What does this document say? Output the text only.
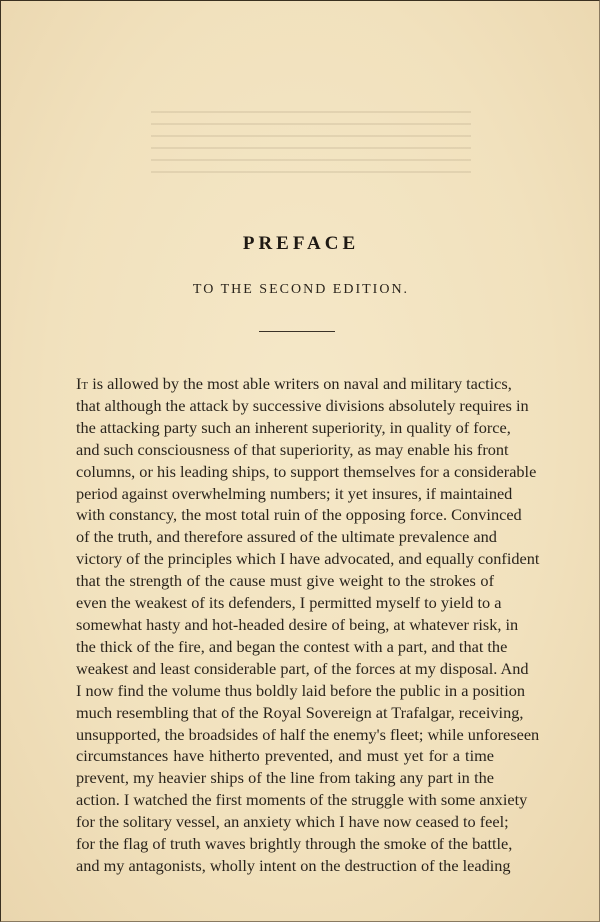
PREFACE
TO THE SECOND EDITION.
It is allowed by the most able writers on naval and military tactics,
that although the attack by successive divisions absolutely requires in
the attacking party such an inherent superiority, in quality of force,
and such consciousness of that superiority, as may enable his front
columns, or his leading ships, to support themselves for a considerable
period against overwhelming numbers; it yet insures, if maintained
with constancy, the most total ruin of the opposing force. Convinced
of the truth, and therefore assured of the ultimate prevalence and
victory of the principles which I have advocated, and equally confident
that the strength of the cause must give weight to the strokes of
even the weakest of its defenders, I permitted myself to yield to a
somewhat hasty and hot-headed desire of being, at whatever risk, in
the thick of the fire, and began the contest with a part, and that the
weakest and least considerable part, of the forces at my disposal. And
I now find the volume thus boldly laid before the public in a position
much resembling that of the Royal Sovereign at Trafalgar, receiving,
unsupported, the broadsides of half the enemy's fleet; while unforeseen
circumstances have hitherto prevented, and must yet for a time
prevent, my heavier ships of the line from taking any part in the
action. I watched the first moments of the struggle with some anxiety
for the solitary vessel, an anxiety which I have now ceased to feel;
for the flag of truth waves brightly through the smoke of the battle,
and my antagonists, wholly intent on the destruction of the leading
